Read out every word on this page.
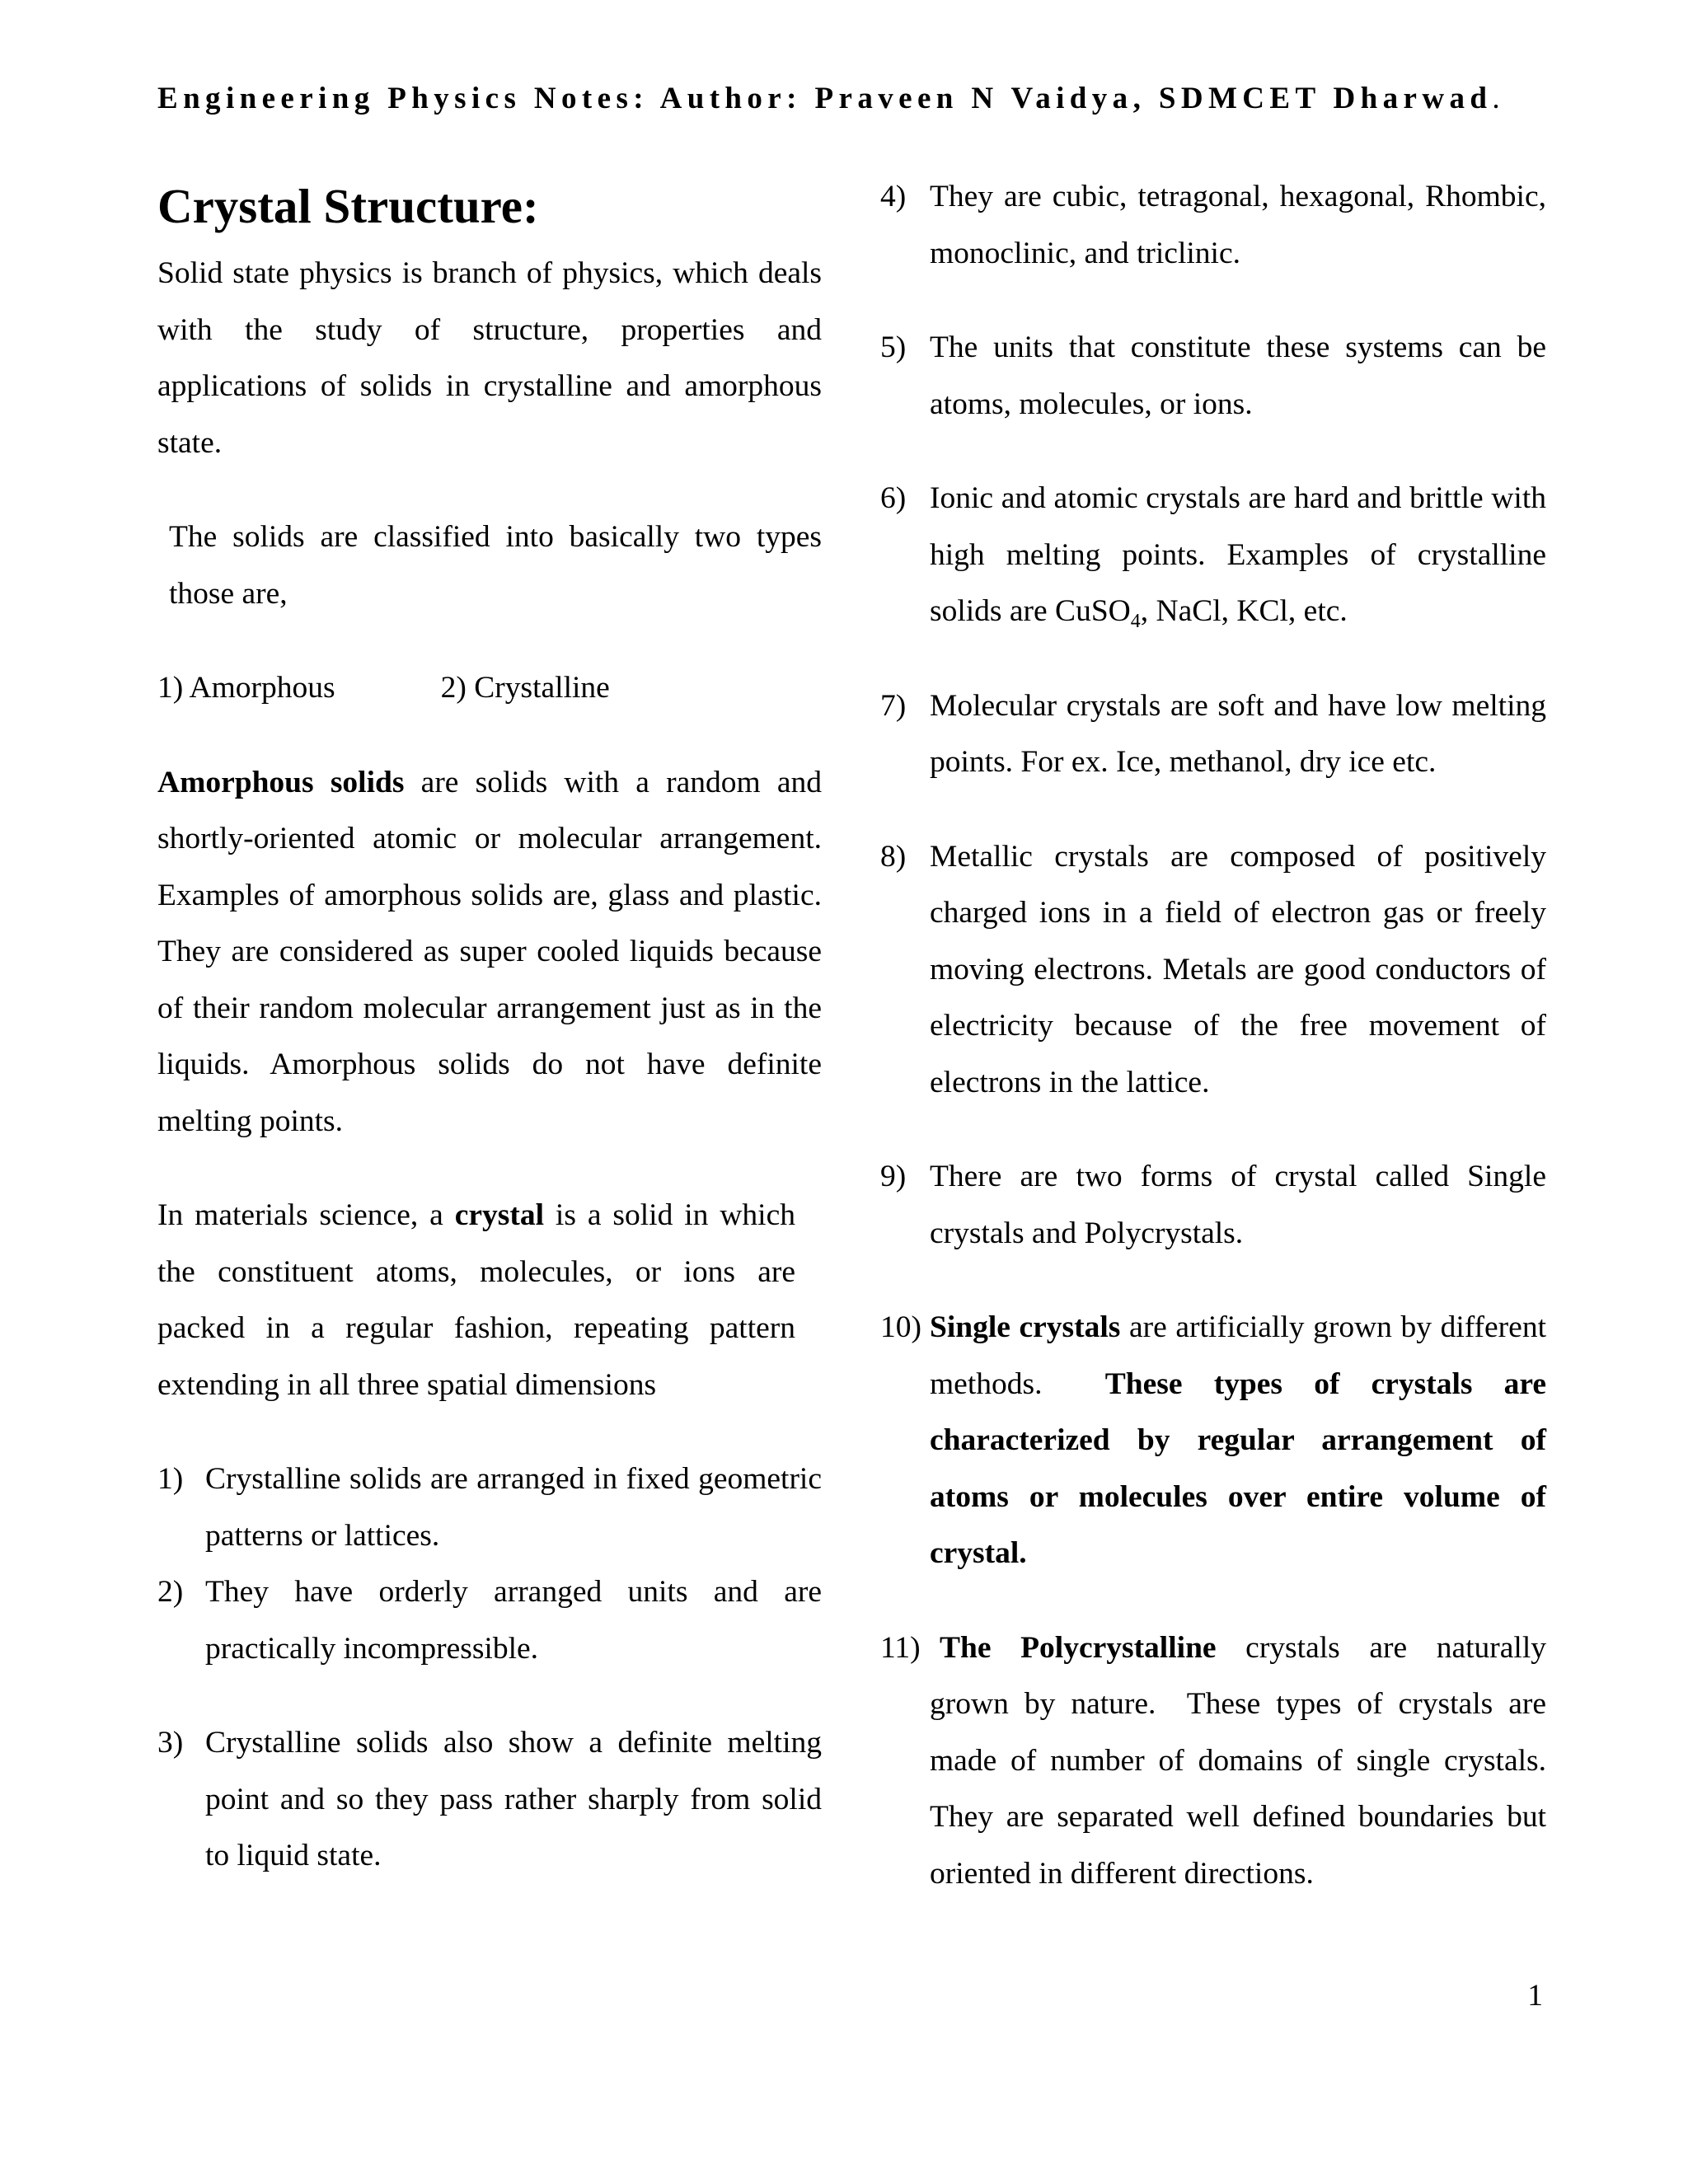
Engineering Physics Notes: Author: Praveen N Vaidya, SDMCET Dharwad.
Crystal Structure:

Solid state physics is branch of physics, which deals with the study of structure, properties and applications of solids in crystalline and amorphous state.

The solids are classified into basically two types those are,

1) Amorphous	2) Crystalline

Amorphous solids are solids with a random and shortly-oriented atomic or molecular arrangement. Examples of amorphous solids are, glass and plastic. They are considered as super cooled liquids because of their random molecular arrangement just as in the liquids. Amorphous solids do not have definite melting points.

In materials science, a crystal is a solid in which the constituent atoms, molecules, or ions are packed in a regular fashion, repeating pattern extending in all three spatial dimensions

1) Crystalline solids are arranged in fixed geometric patterns or lattices.
2) They have orderly arranged units and are practically incompressible.
3) Crystalline solids also show a definite melting point and so they pass rather sharply from solid to liquid state.
4) They are cubic, tetragonal, hexagonal, Rhombic, monoclinic, and triclinic.
5) The units that constitute these systems can be atoms, molecules, or ions.
6) Ionic and atomic crystals are hard and brittle with high melting points. Examples of crystalline solids are CuSO$_4$, NaCl, KCl, etc.
7) Molecular crystals are soft and have low melting points. For ex. Ice, methanol, dry ice etc.
8) Metallic crystals are composed of positively charged ions in a field of electron gas or freely moving electrons. Metals are good conductors of electricity because of the free movement of electrons in the lattice.
9) There are two forms of crystal called Single crystals and Polycrystals.
10) Single crystals are artificially grown by different methods.  These types of crystals are characterized by regular arrangement of atoms or molecules over entire volume of crystal.
11) The Polycrystalline crystals are naturally grown by nature.  These types of crystals are made of number of domains of single crystals. They are separated well defined boundaries but oriented in different directions.
1
